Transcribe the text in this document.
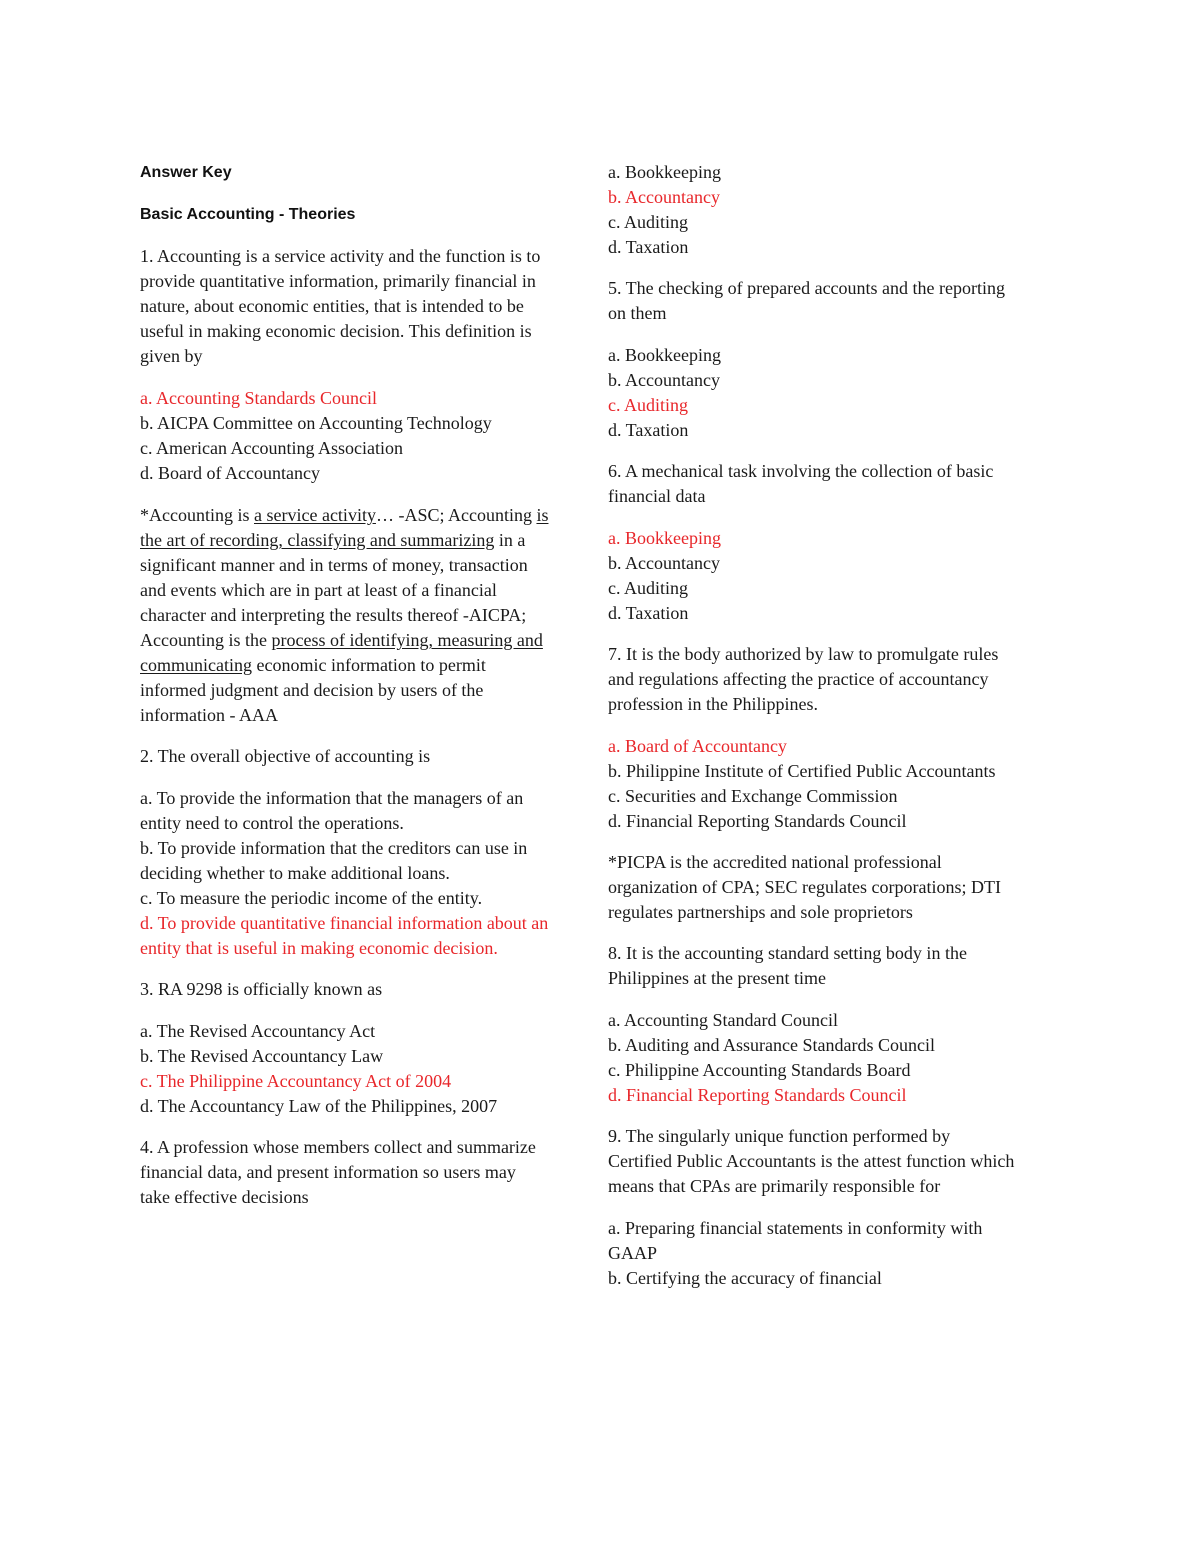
Answer Key
Basic Accounting - Theories

1. Accounting is a service activity and the function is to provide quantitative information, primarily financial in nature, about economic entities, that is intended to be useful in making economic decision. This definition is given by

a. Accounting Standards Council
b. AICPA Committee on Accounting Technology
c. American Accounting Association
d. Board of Accountancy

*Accounting is a service activity… -ASC; Accounting is the art of recording, classifying and summarizing in a significant manner and in terms of money, transaction and events which are in part at least of a financial character and interpreting the results thereof -AICPA; Accounting is the process of identifying, measuring and communicating economic information to permit informed judgment and decision by users of the information - AAA

2. The overall objective of accounting is

a. To provide the information that the managers of an entity need to control the operations.
b. To provide information that the creditors can use in deciding whether to make additional loans.
c. To measure the periodic income of the entity.
d. To provide quantitative financial information about an entity that is useful in making economic decision.

3. RA 9298 is officially known as

a. The Revised Accountancy Act
b. The Revised Accountancy Law
c. The Philippine Accountancy Act of 2004
d. The Accountancy Law of the Philippines, 2007

4. A profession whose members collect and summarize financial data, and present information so users may take effective decisions

a. Bookkeeping
b. Accountancy
c. Auditing
d. Taxation

5. The checking of prepared accounts and the reporting on them

a. Bookkeeping
b. Accountancy
c. Auditing
d. Taxation

6. A mechanical task involving the collection of basic financial data

a. Bookkeeping
b. Accountancy
c. Auditing
d. Taxation

7. It is the body authorized by law to promulgate rules and regulations affecting the practice of accountancy profession in the Philippines.

a. Board of Accountancy
b. Philippine Institute of Certified Public Accountants
c. Securities and Exchange Commission
d. Financial Reporting Standards Council

*PICPA is the accredited national professional organization of CPA; SEC regulates corporations; DTI regulates partnerships and sole proprietors

8. It is the accounting standard setting body in the Philippines at the present time

a. Accounting Standard Council
b. Auditing and Assurance Standards Council
c. Philippine Accounting Standards Board
d. Financial Reporting Standards Council

9. The singularly unique function performed by Certified Public Accountants is the attest function which means that CPAs are primarily responsible for

a. Preparing financial statements in conformity with GAAP
b. Certifying the accuracy of financial
